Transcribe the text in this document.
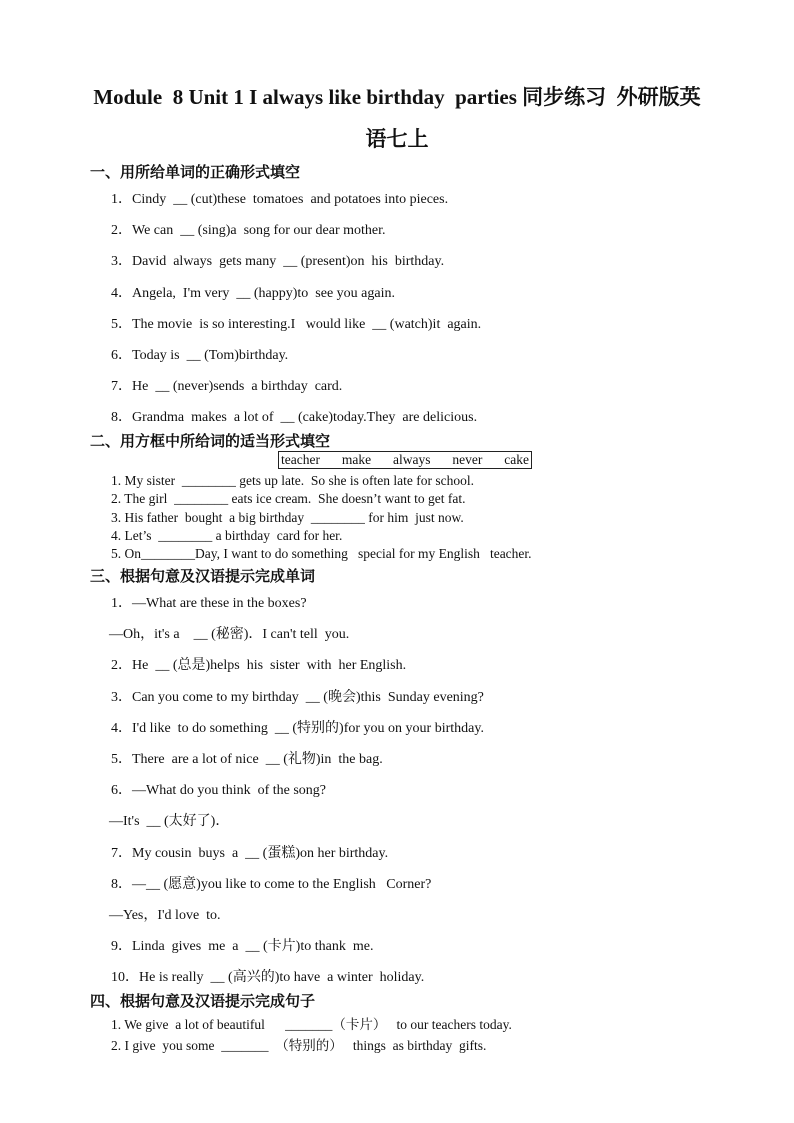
Module  8 Unit 1 I always like birthday  parties 同步练习  外研版英
语七上
一、用所给单词的正确形式填空
1．Cindy  __ (cut)these  tomatoes  and potatoes into pieces.
2．We can  __ (sing)a  song for our dear mother.
3．David  always  gets many  __ (present)on  his  birthday.
4．Angela,  I'm very  __ (happy)to  see you again.
5．The movie  is so interesting.I   would like  __ (watch)it  again.
6．Today is  __ (Tom)birthday.
7．He  __ (never)sends  a birthday  card.
8．Grandma  makes  a lot of  __ (cake)today.They  are delicious.
二、用方框中所给词的适当形式填空
teacher make always never cake
1. My sister  ________ gets up late.  So she is often late for school.
2. The girl  ________ eats ice cream.  She doesn’t want to get fat.
3. His father  bought  a big birthday  ________ for him  just now.
4. Let’s  ________ a birthday  card for her.
5. On________Day, I want to do something   special for my English   teacher.
三、根据句意及汉语提示完成单词
1．—What are these in the boxes?
—Oh，it's a    __ (秘密)．I can't tell  you.
2．He  __ (总是)helps  his  sister  with  her English.
3．Can you come to my birthday  __ (晚会)this  Sunday evening?
4．I'd like  to do something  __ (特别的)for you on your birthday.
5．There  are a lot of nice  __ (礼物)in  the bag.
6．—What do you think  of the song?
—It's  __ (太好了)．
7．My cousin  buys  a  __ (蛋糕)on her birthday.
8．—__ (愿意)you like to come to the English   Corner?
—Yes，I'd love  to.
9．Linda  gives  me  a  __ (卡片)to thank  me.
10．He is really  __ (高兴的)to have  a winter  holiday.
四、根据句意及汉语提示完成句子
1. We give  a lot of beautiful      _______（卡片）   to our teachers today.
2. I give  you some  _______  （特别的）   things  as birthday  gifts.
